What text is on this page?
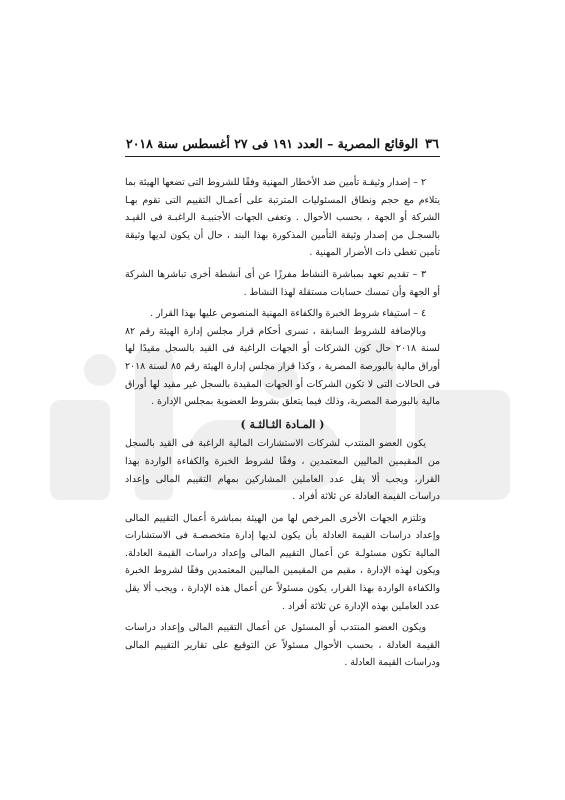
٣٦
الوقائع المصرية – العدد ١٩١ فى ٢٧ أغسطس سنة ٢٠١٨

٢ – إصدار وثيقـة تأمين ضد الأخطار المهنية وفقًا للشروط التى تضعها الهيئة بما يتلاءم مع حجم ونطاق المسئوليات المترتبة على أعمـال التقييم التى تقوم بهـا الشركة أو الجهة ، بحسب الأحوال . وتعفى الجهات الأجنبيـة الراغبـة فى القيـد بالسجـل من إصدار وثيقة التأمين المذكورة بهذا البند ، حال أن يكون لديها وثيقة تأمين تغطى ذات الأضرار المهنية .

٣ – تقديم تعهد بمباشرة النشاط مفرزًا عن أى أنشطة أخرى تباشرها الشركة أو الجهة وأن تمسك حسابات مستقلة لهذا النشاط .

٤ – استيفاء شروط الخبرة والكفاءة المهنية المنصوص عليها بهذا القرار .

وبالإضافة للشروط السابقة ، تسرى أحكام قرار مجلس إدارة الهيئة رقم ٨٢ لسنة ٢٠١٨ حال كون الشركات أو الجهات الراغبة فى القيد بالسجل مقيدًا لها أوراق مالية بالبورصة المصرية ، وكذا قرار مجلس إدارة الهيئة رقم ٨٥ لسنة ٢٠١٨ فى الحالات التى لا تكون الشركات أو الجهات المقيدة بالسجل غير مقيد لها أوراق مالية بالبورصة المصرية، وذلك فيما يتعلق بشروط العضوية بمجلس الإدارة .

( المـادة الثـالثـة )

يكون العضو المنتدب لشركات الاستشارات المالية الراغبة فى القيد بالسجل من المقيمين الماليين المعتمدين ، وفقًا لشروط الخبرة والكفاءة الواردة بهذا القرار، ويجب ألا يقل عدد العاملين المشاركين بمهام التقييم المالى وإعداد دراسات القيمة العادلة عن ثلاثة أفراد .

وتلتزم الجهات الأخرى المرخص لها من الهيئة بمباشرة أعمال التقييم المالى وإعداد دراسات القيمة العادلة بأن يكون لديها إدارة متخصصـة فى الاستشارات المالية تكون مسئولـة عن أعمال التقييم المالى وإعداد دراسات القيمة العادلة. ويكون لهذه الإدارة ، مقيم من المقيمين الماليين المعتمدين وفقًا لشروط الخبرة والكفاءة الواردة بهذا القرار، يكون مسئولاً عن أعمال هذه الإدارة ، ويجب ألا يقل عدد العاملين بهذه الإدارة عن ثلاثة أفراد .

ويكون العضو المنتدب أو المسئول عن أعمال التقييم المالى وإعداد دراسات القيمة العادلة ، بحسب الأحوال مسئولاً عن التوقيع على تقارير التقييم المالى ودراسات القيمة العادلة .
